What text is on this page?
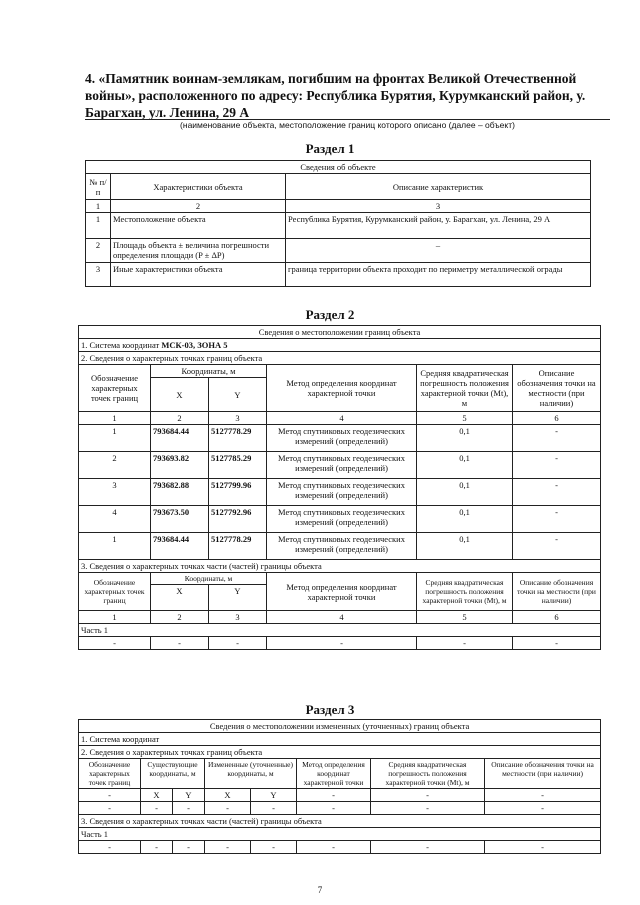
4. «Памятник воинам-землякам, погибшим на фронтах Великой Отечественной войны», расположенного по адресу: Республика Бурятия, Курумканский район, у. Барагхан, ул. Ленина, 29 А

(наименование объекта, местоположение границ которого описано (далее – объект)
Раздел 1
Сведения об объекте		
№ п/п	Характеристики объекта	Описание характеристик
1	2	3
1	Местоположение объекта	Республика Бурятия, Курумканский район, у. Барагхан, ул. Ленина, 29 А
2	Площадь объекта ± величина погрешности определения площади (P ± ΔP)	–
3	Иные характеристики объекта	граница территории объекта проходит по периметру металлической ограды
Раздел 2
Сведения о местоположении границ объекта					
1. Система координат МСК-03, ЗОНА 5					
2. Сведения о характерных точках границ объекта					
Обозначение характерных точек границ	Координаты, м		Метод определения координат характерной точки	Средняя квадратическая погрешность положения характерной точки (Mt), м	Описание обозначения точки на местности (при наличии)
	X	Y			
1	2	3	4	5	6
1	793684.44	5127778.29	Метод спутниковых геодезических измерений (определений)	0,1	-
2	793693.82	5127785.29	Метод спутниковых геодезических измерений (определений)	0,1	-
3	793682.88	5127799.96	Метод спутниковых геодезических измерений (определений)	0,1	-
4	793673.50	5127792.96	Метод спутниковых геодезических измерений (определений)	0,1	-
1	793684.44	5127778.29	Метод спутниковых геодезических измерений (определений)	0,1	-
3. Сведения о характерных точках части (частей) границы объекта					
Обозначение характерных точек границ	Координаты, м		Метод определения координат характерной точки	Средняя квадратическая погрешность положения характерной точки (Mt), м	Описание обозначения точки на местности (при наличии)
	X	Y			
1	2	3	4	5	6
Часть 1					
-	-	-	-	-	-
Раздел 3
Сведения о местоположении измененных (уточненных) границ объекта							
1. Система координат							
2. Сведения о характерных точках границ объекта							
Обозначение характерных точек границ	Существующие координаты, м		Измененные (уточненные) координаты, м		Метод определения координат характерной точки	Средняя квадратическая погрешность положения характерной точки (Mt), м	Описание обозначения точки на местности (при наличии)
-	X	Y	X	Y	-	-	-
-	-	-	-	-	-	-	-
3. Сведения о характерных точках части (частей) границы объекта							
Часть 1							
-	-	-	-	-	-	-	-
7
